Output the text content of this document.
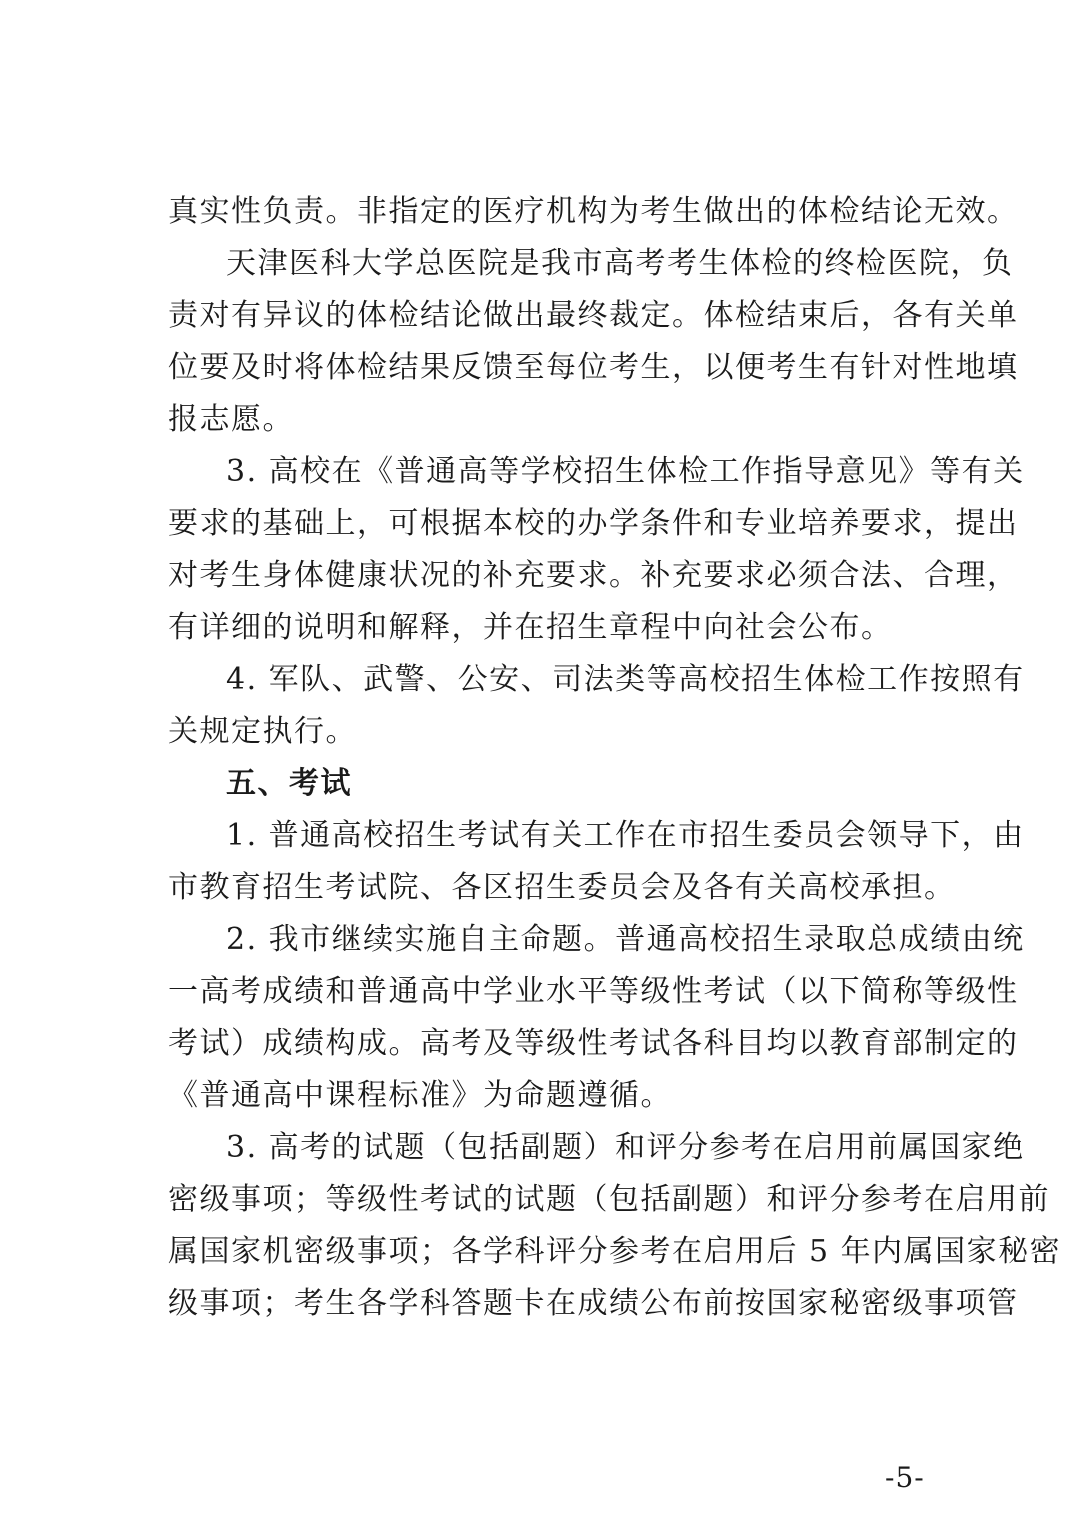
真实性负责。非指定的医疗机构为考生做出的体检结论无效。
天津医科大学总医院是我市高考考生体检的终检医院，负
责对有异议的体检结论做出最终裁定。体检结束后，各有关单
位要及时将体检结果反馈至每位考生，以便考生有针对性地填
报志愿。
3. 高校在《普通高等学校招生体检工作指导意见》等有关
要求的基础上，可根据本校的办学条件和专业培养要求，提出
对考生身体健康状况的补充要求。补充要求必须合法、合理，
有详细的说明和解释，并在招生章程中向社会公布。
4. 军队、武警、公安、司法类等高校招生体检工作按照有
关规定执行。
五、考试
1. 普通高校招生考试有关工作在市招生委员会领导下，由
市教育招生考试院、各区招生委员会及各有关高校承担。
2. 我市继续实施自主命题。普通高校招生录取总成绩由统
一高考成绩和普通高中学业水平等级性考试（以下简称等级性
考试）成绩构成。高考及等级性考试各科目均以教育部制定的
《普通高中课程标准》为命题遵循。
3. 高考的试题（包括副题）和评分参考在启用前属国家绝
密级事项；等级性考试的试题（包括副题）和评分参考在启用前
属国家机密级事项；各学科评分参考在启用后 5 年内属国家秘密
级事项；考生各学科答题卡在成绩公布前按国家秘密级事项管
-5-
